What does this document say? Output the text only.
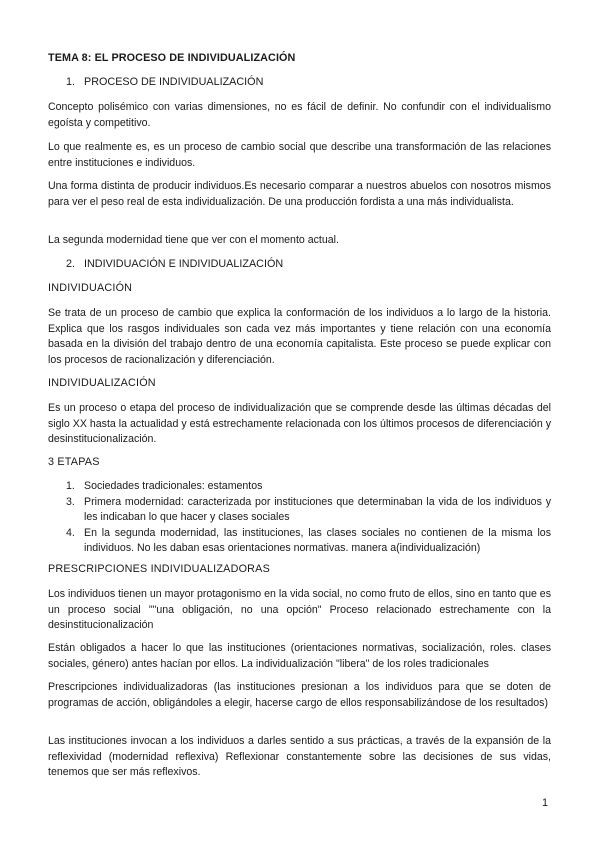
TEMA 8: EL PROCESO DE INDIVIDUALIZACIÓN
1. PROCESO DE INDIVIDUALIZACIÓN
Concepto polisémico con varias dimensiones, no es fácil de definir. No confundir con el individualismo egoísta y competitivo.
Lo que realmente es, es un proceso de cambio social que describe una transformación de las relaciones entre instituciones e individuos.
Una forma distinta de producir individuos.Es necesario comparar a nuestros abuelos con nosotros mismos para ver el peso real de esta individualización. De una producción fordista a una más individualista.
La segunda modernidad tiene que ver con el momento actual.
2. INDIVIDUACIÓN E INDIVIDUALIZACIÓN
INDIVIDUACIÓN
Se trata de un proceso de cambio que explica la conformación de los individuos a lo largo de la historia. Explica que los rasgos individuales son cada vez más importantes y tiene relación con una economía basada en la división del trabajo dentro de una economía capitalista. Este proceso se puede explicar con los procesos de racionalización y diferenciación.
INDIVIDUALIZACIÓN
Es un proceso o etapa del proceso de individualización que se comprende desde las últimas décadas del siglo XX hasta la actualidad y está estrechamente relacionada con los últimos procesos de diferenciación y desinstitucionalización.
3 ETAPAS
1. Sociedades tradicionales: estamentos
3. Primera modernidad: caracterizada por instituciones que determinaban la vida de los individuos y les indicaban lo que hacer y clases sociales
4. En la segunda modernidad, las instituciones, las clases sociales no contienen de la misma los individuos. No les daban esas orientaciones normativas. manera a(individualización)
PRESCRIPCIONES INDIVIDUALIZADORAS
Los individuos tienen un mayor protagonismo en la vida social, no como fruto de ellos, sino en tanto que es un proceso social ""una obligación, no una opción" Proceso relacionado estrechamente con la desinstitucionalización
Están obligados a hacer lo que las instituciones (orientaciones normativas, socialización, roles. clases sociales, género) antes hacían por ellos. La individualización "libera" de los roles tradicionales
Prescripciones individualizadoras (las instituciones presionan a los individuos para que se doten de programas de acción, obligándoles a elegir, hacerse cargo de ellos responsabilizándose de los resultados)
Las instituciones invocan a los individuos a darles sentido a sus prácticas, a través de la expansión de la reflexividad (modernidad reflexiva) Reflexionar constantemente sobre las decisiones de sus vidas, tenemos que ser más reflexivos.
1
